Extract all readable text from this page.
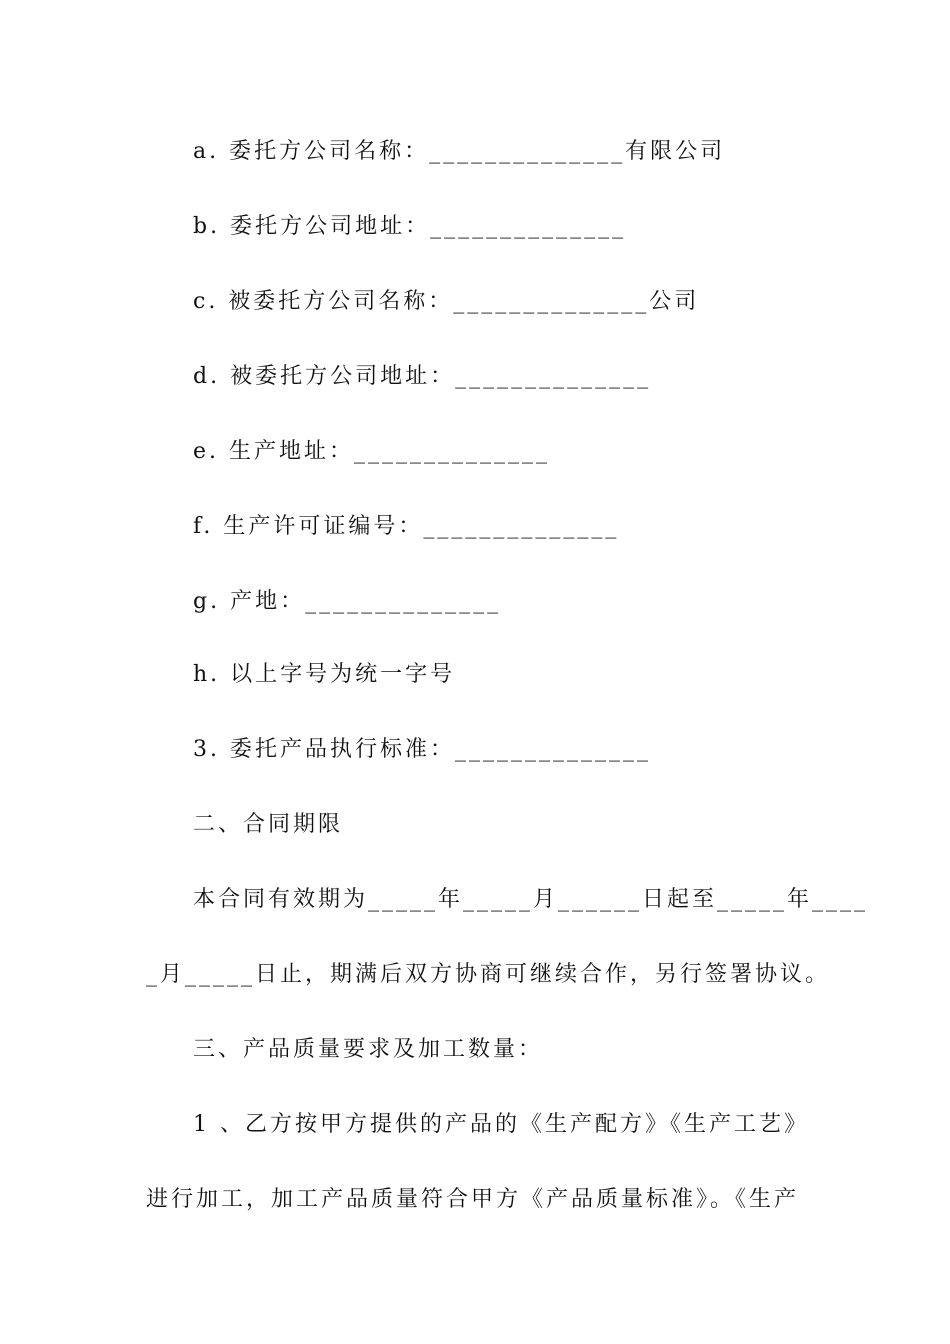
a. 委托方公司名称：______________有限公司
b. 委托方公司地址：______________
c. 被委托方公司名称：______________公司
d. 被委托方公司地址：______________
e. 生产地址：______________
f. 生产许可证编号：______________
g. 产地：______________
h. 以上字号为统一字号
3. 委托产品执行标准：______________
二、合同期限
本合同有效期为_____年_____月______日起至_____年____
_月_____日止，期满后双方协商可继续合作，另行签署协议。
三、产品质量要求及加工数量：
1 、乙方按甲方提供的产品的《生产配方》《生产工艺》
进行加工，加工产品质量符合甲方《产品质量标准》。《生产
